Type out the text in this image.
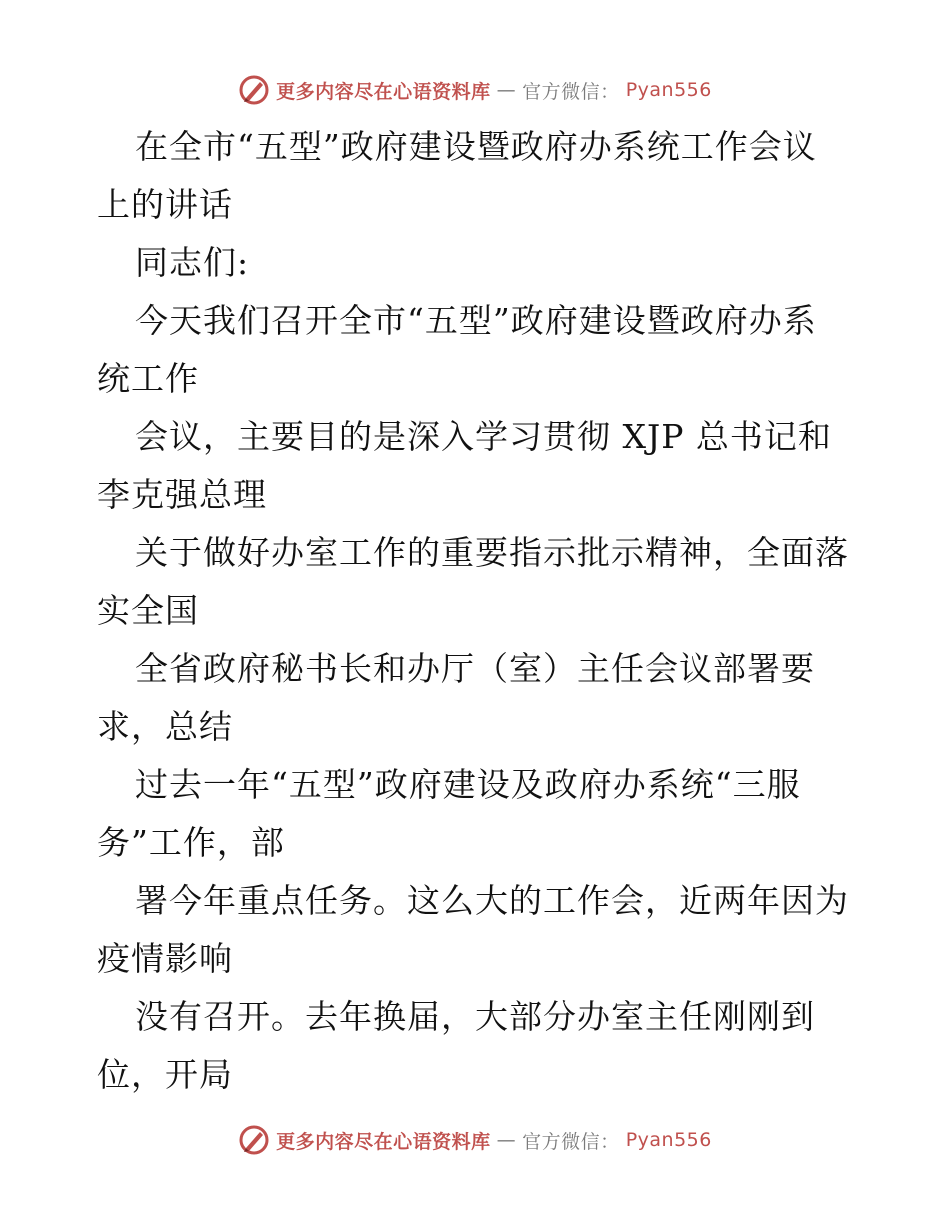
更多内容尽在心语资料库 — 官方微信： Pyan556
在全市“五型”政府建设暨政府办系统工作会议
上的讲话
同志们:
今天我们召开全市“五型”政府建设暨政府办系
统工作
会议，主要目的是深入学习贯彻 XJP 总书记和
李克强总理
关于做好办室工作的重要指示批示精神，全面落
实全国
全省政府秘书长和办厅（室）主任会议部署要
求，总结
过去一年“五型”政府建设及政府办系统“三服
务”工作，部
署今年重点任务。这么大的工作会，近两年因为
疫情影响
没有召开。去年换届，大部分办室主任刚刚到
位，开局
更多内容尽在心语资料库 — 官方微信： Pyan556
